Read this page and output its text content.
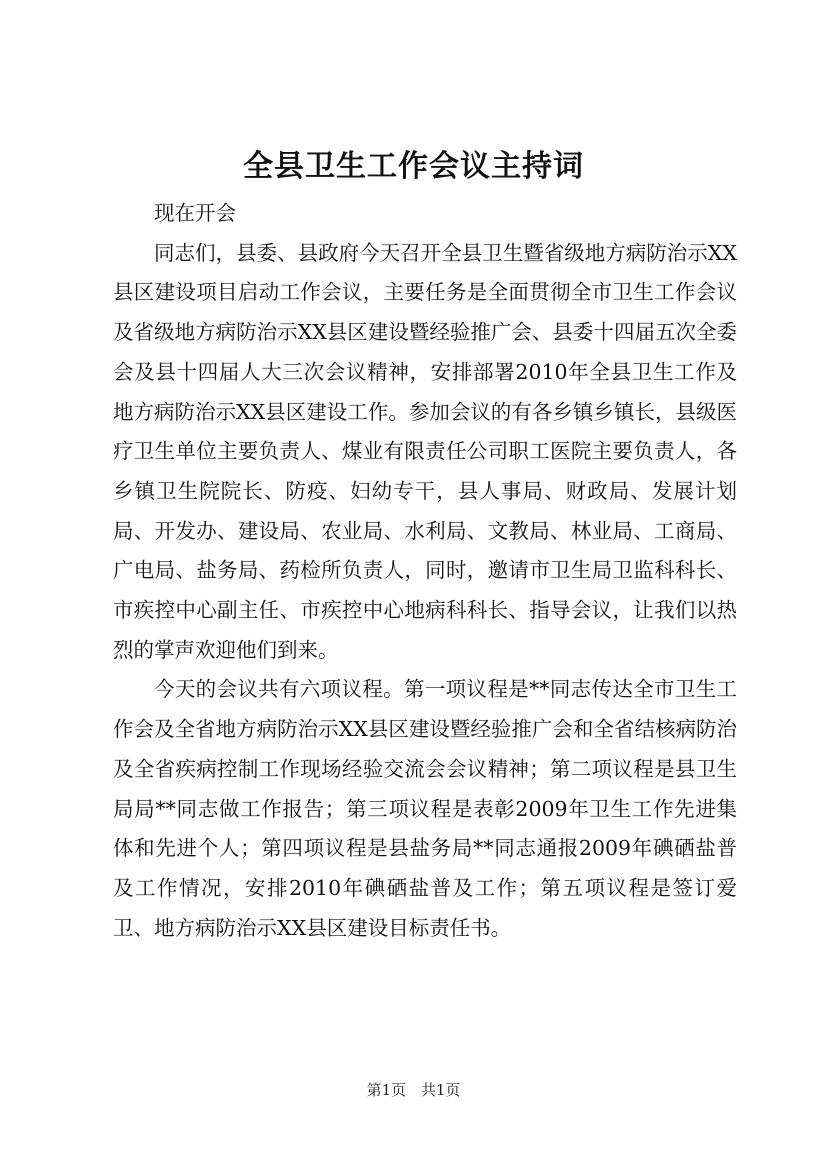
全县卫生工作会议主持词

现在开会

同志们，县委、县政府今天召开全县卫生暨省级地方病防治示XX县区建设项目启动工作会议，主要任务是全面贯彻全市卫生工作会议及省级地方病防治示XX县区建设暨经验推广会、县委十四届五次全委会及县十四届人大三次会议精神，安排部署2010年全县卫生工作及地方病防治示XX县区建设工作。参加会议的有各乡镇乡镇长，县级医疗卫生单位主要负责人、煤业有限责任公司职工医院主要负责人，各乡镇卫生院院长、防疫、妇幼专干，县人事局、财政局、发展计划局、开发办、建设局、农业局、水利局、文教局、林业局、工商局、广电局、盐务局、药检所负责人，同时，邀请市卫生局卫监科科长、市疾控中心副主任、市疾控中心地病科科长、指导会议，让我们以热烈的掌声欢迎他们到来。

今天的会议共有六项议程。第一项议程是**同志传达全市卫生工作会及全省地方病防治示XX县区建设暨经验推广会和全省结核病防治及全省疾病控制工作现场经验交流会会议精神；第二项议程是县卫生局局**同志做工作报告；第三项议程是表彰2009年卫生工作先进集体和先进个人；第四项议程是县盐务局**同志通报2009年碘硒盐普及工作情况，安排2010年碘硒盐普及工作；第五项议程是签订爱卫、地方病防治示XX县区建设目标责任书。

第1页 共1页
